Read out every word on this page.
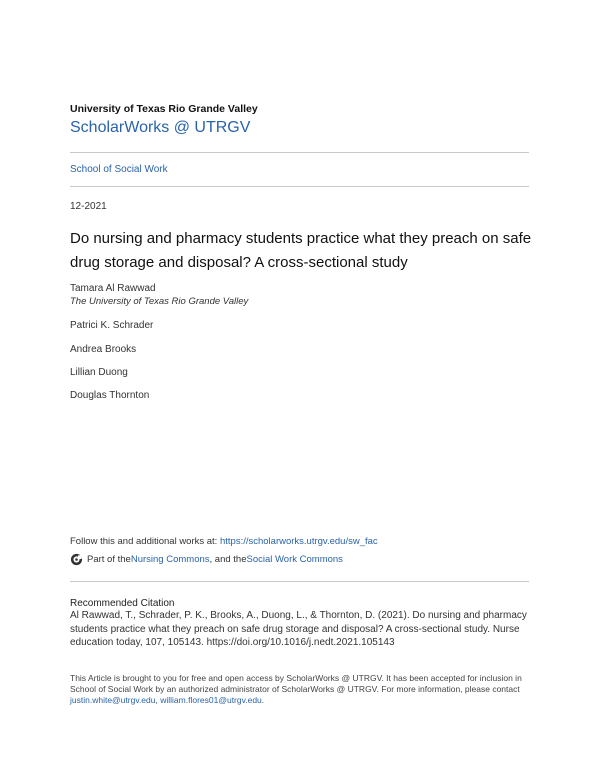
University of Texas Rio Grande Valley
ScholarWorks @ UTRGV
School of Social Work
12-2021
Do nursing and pharmacy students practice what they preach on safe drug storage and disposal? A cross-sectional study
Tamara Al Rawwad
The University of Texas Rio Grande Valley
Patrici K. Schrader
Andrea Brooks
Lillian Duong
Douglas Thornton
Follow this and additional works at: https://scholarworks.utrgv.edu/sw_fac
Part of the Nursing Commons , and the Social Work Commons
Recommended Citation
Al Rawwad, T., Schrader, P. K., Brooks, A., Duong, L., & Thornton, D. (2021). Do nursing and pharmacy students practice what they preach on safe drug storage and disposal? A cross-sectional study. Nurse education today, 107, 105143. https://doi.org/10.1016/j.nedt.2021.105143
This Article is brought to you for free and open access by ScholarWorks @ UTRGV. It has been accepted for inclusion in School of Social Work by an authorized administrator of ScholarWorks @ UTRGV. For more information, please contact justin.white@utrgv.edu, william.flores01@utrgv.edu.
